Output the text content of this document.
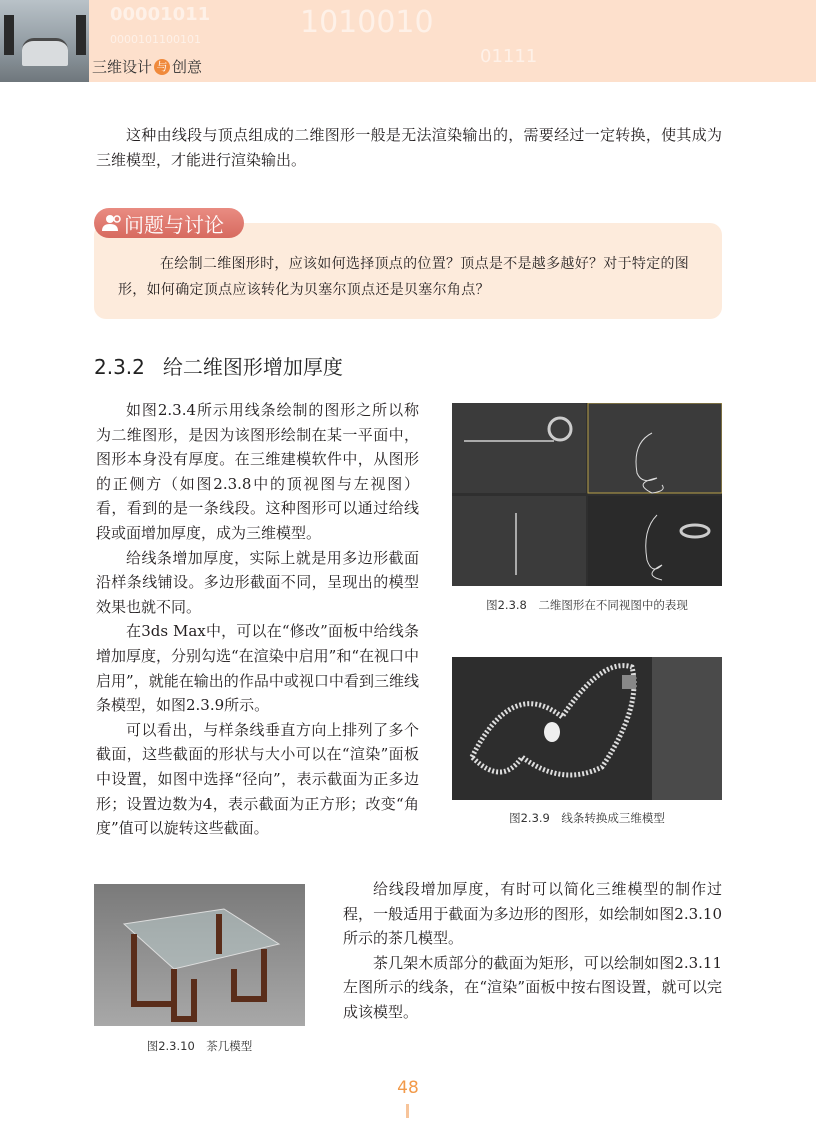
00001011	1010010
0000101100101
01111
三维设计 与 创意

这种由线段与顶点组成的二维图形一般是无法渲染输出的，需要经过一定转换，使其成为三维模型，才能进行渲染输出。

问题与讨论

在绘制二维图形时，应该如何选择顶点的位置？顶点是不是越多越好？对于特定的图形，如何确定顶点应该转化为贝塞尔顶点还是贝塞尔角点？

2.3.2 给二维图形增加厚度

如图2.3.4所示用线条绘制的图形之所以称为二维图形，是因为该图形绘制在某一平面中，图形本身没有厚度。在三维建模软件中，从图形的正侧方（如图2.3.8中的顶视图与左视图）看，看到的是一条线段。这种图形可以通过给线段或面增加厚度，成为三维模型。

给线条增加厚度，实际上就是用多边形截面沿样条线铺设。多边形截面不同，呈现出的模型效果也就不同。

在3ds Max中，可以在“修改”面板中给线条增加厚度，分别勾选“在渲染中启用”和“在视口中启用”，就能在输出的作品中或视口中看到三维线条模型，如图2.3.9所示。

可以看出，与样条线垂直方向上排列了多个截面，这些截面的形状与大小可以在“渲染”面板中设置，如图中选择“径向”，表示截面为正多边形；设置边数为4，表示截面为正方形；改变“角度”值可以旋转这些截面。

图2.3.8　二维图形在不同视图中的表现
图2.3.9　线条转换成三维模型
图2.3.10　茶几模型

给线段增加厚度，有时可以简化三维模型的制作过程，一般适用于截面为多边形的图形，如绘制如图2.3.10所示的茶几模型。

茶几架木质部分的截面为矩形，可以绘制如图2.3.11左图所示的线条，在“渲染”面板中按右图设置，就可以完成该模型。

48
